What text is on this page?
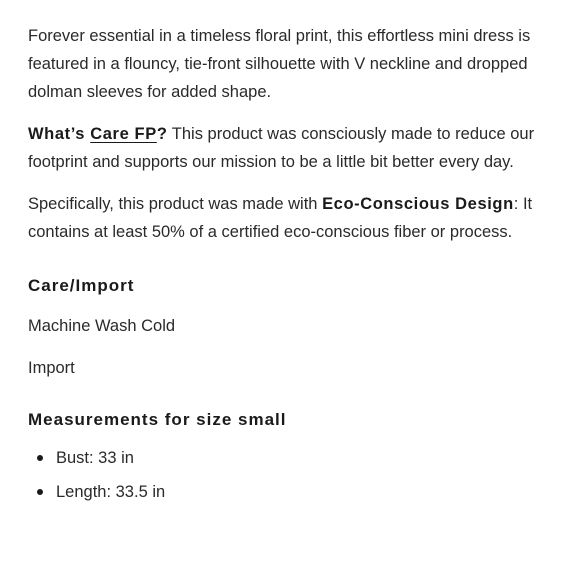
Forever essential in a timeless floral print, this effortless mini dress is featured in a flouncy, tie-front silhouette with V neckline and dropped dolman sleeves for added shape.

What’s Care FP? This product was consciously made to reduce our footprint and supports our mission to be a little bit better every day.

Specifically, this product was made with Eco-Conscious Design: It contains at least 50% of a certified eco-conscious fiber or process.

Care/Import

Machine Wash Cold

Import

Measurements for size small
Bust: 33 in
Length: 33.5 in
